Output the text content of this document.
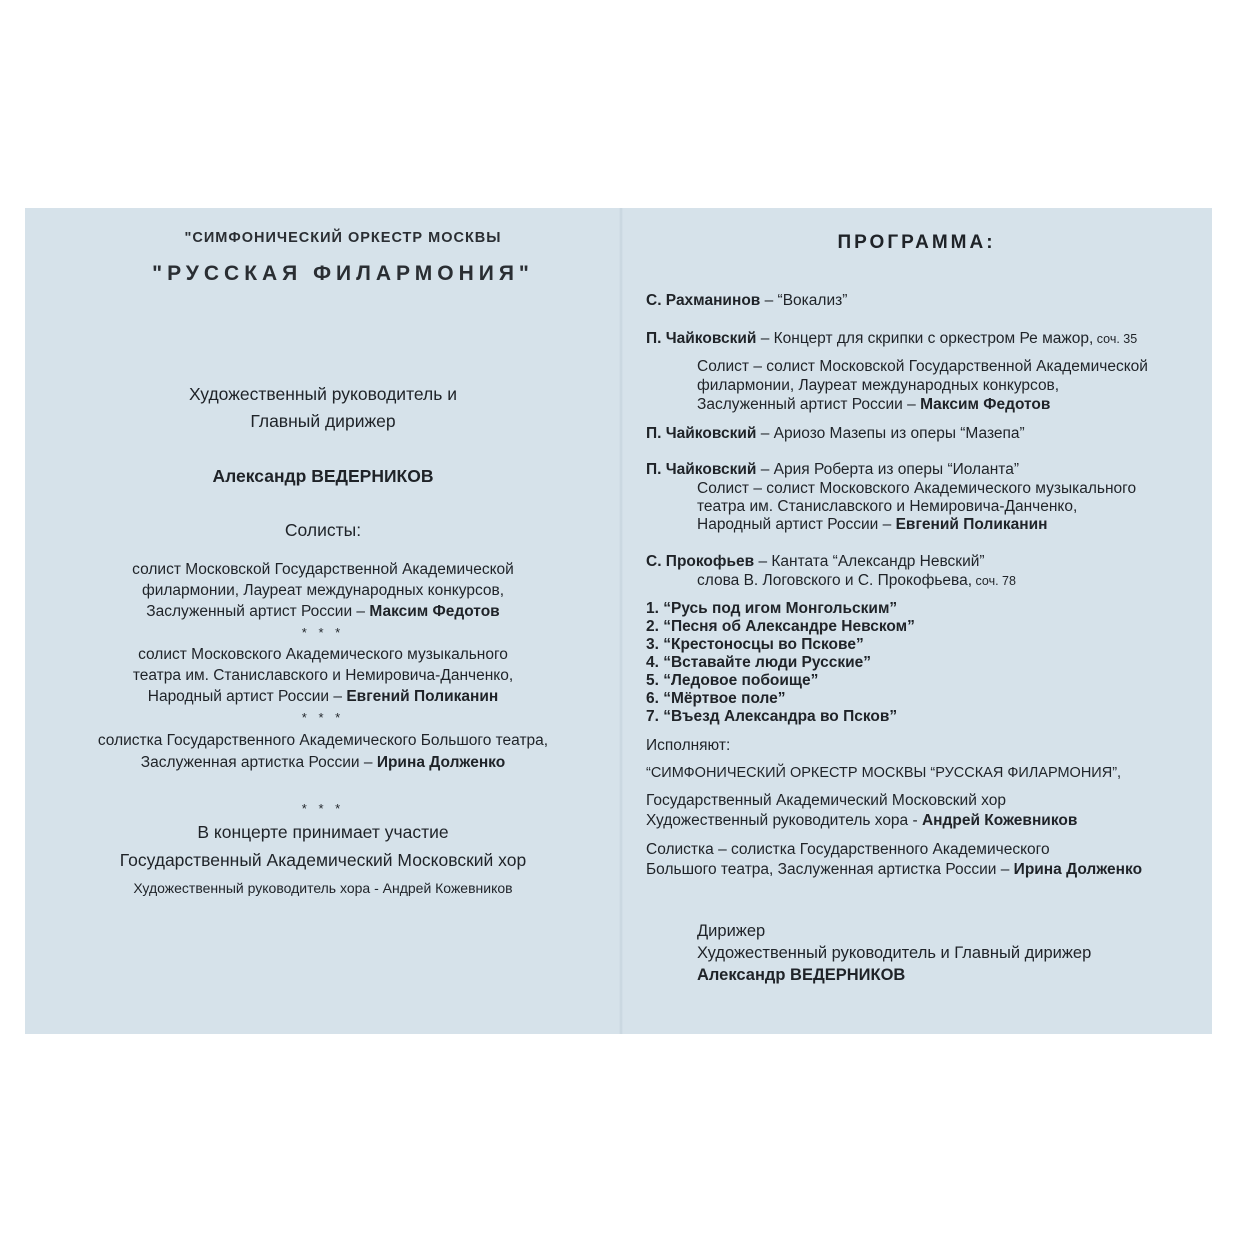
"СИМФОНИЧЕСКИЙ ОРКЕСТР МОСКВЫ
"РУССКАЯ ФИЛАРМОНИЯ"
Художественный руководитель и
Главный дирижер
Александр ВЕДЕРНИКОВ
Солисты:
солист Московской Государственной Академической
филармонии, Лауреат международных конкурсов,
Заслуженный артист России – Максим Федотов
* * *
солист Московского Академического музыкального
театра им. Станиславского и Немировича-Данченко,
Народный артист России – Евгений Поликанин
* * *
солистка Государственного Академического Большого театра,
Заслуженная артистка России – Ирина Долженко
* * *
В концерте принимает участие
Государственный Академический Московский хор
Художественный руководитель хора - Андрей Кожевников
ПРОГРАММА:
С. Рахманинов – “Вокализ”
П. Чайковский – Концерт для скрипки с оркестром Ре мажор, соч. 35
Солист – солист Московской Государственной Академической
филармонии, Лауреат международных конкурсов,
Заслуженный артист России – Максим Федотов
П. Чайковский – Ариозо Мазепы из оперы “Мазепа”
П. Чайковский – Ария Роберта из оперы “Иоланта”
Солист – солист Московского Академического музыкального
театра им. Станиславского и Немировича-Данченко,
Народный артист России – Евгений Поликанин
С. Прокофьев – Кантата “Александр Невский”
слова В. Логовского и С. Прокофьева, соч. 78
1. “Русь под игом Монгольским”
2. “Песня об Александре Невском”
3. “Крестоносцы во Пскове”
4. “Вставайте люди Русские”
5. “Ледовое побоище”
6. “Мёртвое поле”
7. “Въезд Александра во Псков”
Исполняют:
“СИМФОНИЧЕСКИЙ ОРКЕСТР МОСКВЫ “РУССКАЯ ФИЛАРМОНИЯ”,
Государственный Академический Московский хор
Художественный руководитель хора - Андрей Кожевников
Солистка – солистка Государственного Академического
Большого театра, Заслуженная артистка России – Ирина Долженко
Дирижер
Художественный руководитель и Главный дирижер
Александр ВЕДЕРНИКОВ
